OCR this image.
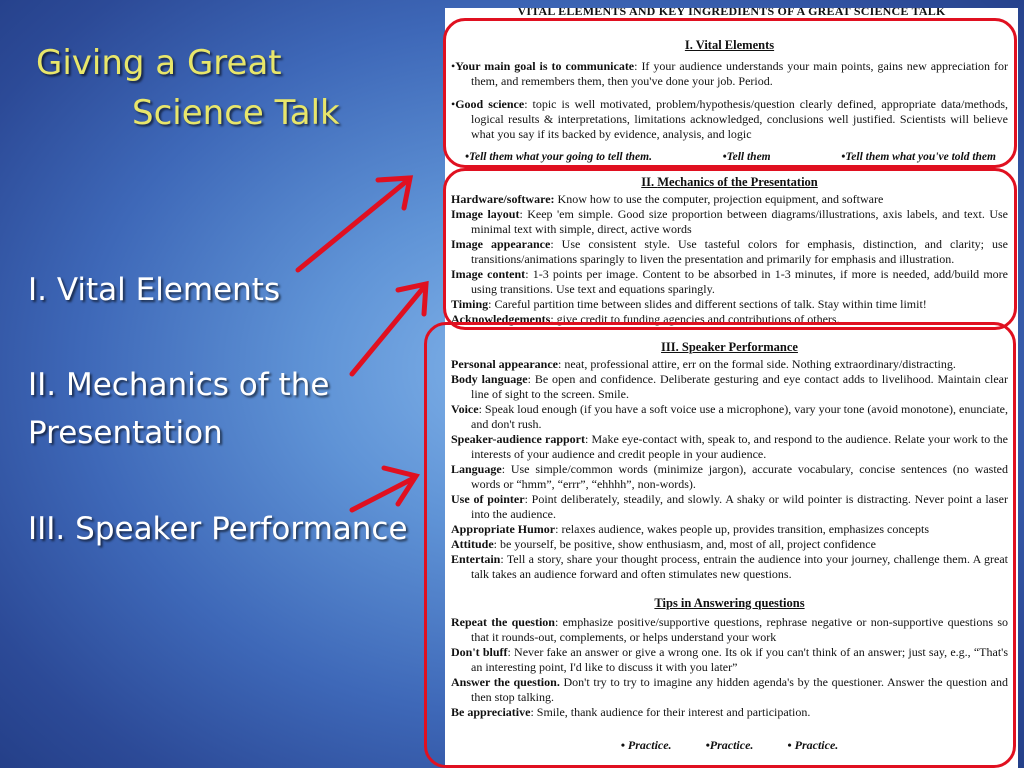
Giving a Great
Science Talk
I. Vital Elements
II. Mechanics of the Presentation
III. Speaker Performance
VITAL ELEMENTS AND KEY INGREDIENTS OF A GREAT SCIENCE TALK
I. Vital Elements
•Your main goal is to communicate: If your audience understands your main points, gains new appreciation for them, and remembers them, then you've done your job. Period.
•Good science: topic is well motivated, problem/hypothesis/question clearly defined, appropriate data/methods, logical results & interpretations, limitations acknowledged, conclusions well justified. Scientists will believe what you say if its backed by evidence, analysis, and logic
•Tell them what your going to tell them.	•Tell them	•Tell them what you've told them
II. Mechanics of the Presentation
Hardware/software: Know how to use the computer, projection equipment, and software
Image layout: Keep 'em simple. Good size proportion between diagrams/illustrations, axis labels, and text. Use minimal text with simple, direct, active words
Image appearance: Use consistent style. Use tasteful colors for emphasis, distinction, and clarity; use transitions/animations sparingly to liven the presentation and primarily for emphasis and illustration.
Image content: 1-3 points per image. Content to be absorbed in 1-3 minutes, if more is needed, add/build more using transitions. Use text and equations sparingly.
Timing: Careful partition time between slides and different sections of talk. Stay within time limit!
Acknowledgements: give credit to funding agencies and contributions of others.
III. Speaker Performance
Personal appearance: neat, professional attire, err on the formal side. Nothing extraordinary/distracting.
Body language: Be open and confidence. Deliberate gesturing and eye contact adds to livelihood. Maintain clear line of sight to the screen. Smile.
Voice: Speak loud enough (if you have a soft voice use a microphone), vary your tone (avoid monotone), enunciate, and don't rush.
Speaker-audience rapport: Make eye-contact with, speak to, and respond to the audience. Relate your work to the interests of your audience and credit people in your audience.
Language: Use simple/common words (minimize jargon), accurate vocabulary, concise sentences (no wasted words or “hmm”, “errr”, “ehhhh”, non-words).
Use of pointer: Point deliberately, steadily, and slowly. A shaky or wild pointer is distracting. Never point a laser into the audience.
Appropriate Humor: relaxes audience, wakes people up, provides transition, emphasizes concepts
Attitude: be yourself, be positive, show enthusiasm, and, most of all, project confidence
Entertain: Tell a story, share your thought process, entrain the audience into your journey, challenge them. A great talk takes an audience forward and often stimulates new questions.
Tips in Answering questions
Repeat the question: emphasize positive/supportive questions, rephrase negative or non-supportive questions so that it rounds-out, complements, or helps understand your work
Don't bluff: Never fake an answer or give a wrong one. Its ok if you can't think of an answer; just say, e.g., “That's an interesting point, I'd like to discuss it with you later”
Answer the question. Don't try to try to imagine any hidden agenda's by the questioner. Answer the question and then stop talking.
Be appreciative: Smile, thank audience for their interest and participation.
• Practice.	•Practice.	• Practice.
